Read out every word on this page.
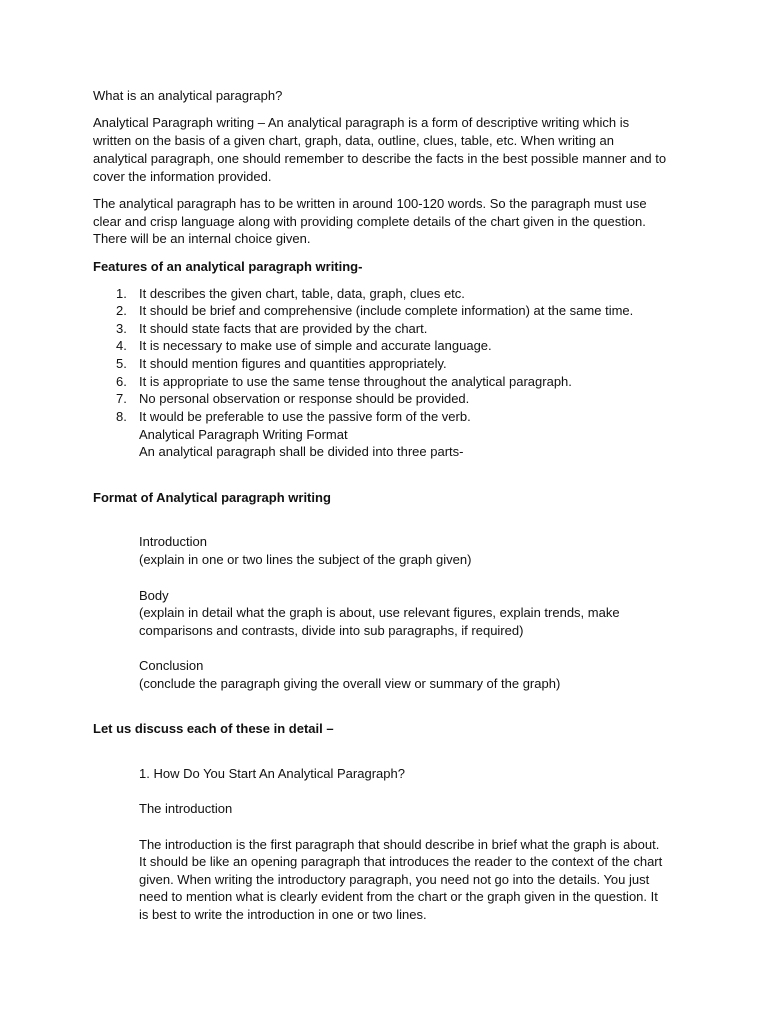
What is an analytical paragraph?
Analytical Paragraph writing – An analytical paragraph is a form of descriptive writing which is
written on the basis of a given chart, graph, data, outline, clues, table, etc. When writing an
analytical paragraph, one should remember to describe the facts in the best possible manner and to
cover the information provided.
The analytical paragraph has to be written in around 100-120 words. So the paragraph must use
clear and crisp language along with providing complete details of the chart given in the question.
There will be an internal choice given.
Features of an analytical paragraph writing-
1. It describes the given chart, table, data, graph, clues etc.
2. It should be brief and comprehensive (include complete information) at the same time.
3. It should state facts that are provided by the chart.
4. It is necessary to make use of simple and accurate language.
5. It should mention figures and quantities appropriately.
6. It is appropriate to use the same tense throughout the analytical paragraph.
7. No personal observation or response should be provided.
8. It would be preferable to use the passive form of the verb.
Analytical Paragraph Writing Format
An analytical paragraph shall be divided into three parts-
Format of Analytical paragraph writing
Introduction
(explain in one or two lines the subject of the graph given)
Body
(explain in detail what the graph is about, use relevant figures, explain trends, make
comparisons and contrasts, divide into sub paragraphs, if required)
Conclusion
(conclude the paragraph giving the overall view or summary of the graph)
Let us discuss each of these in detail –
1. How Do You Start An Analytical Paragraph?
The introduction
The introduction is the first paragraph that should describe in brief what the graph is about.
It should be like an opening paragraph that introduces the reader to the context of the chart
given. When writing the introductory paragraph, you need not go into the details. You just
need to mention what is clearly evident from the chart or the graph given in the question. It
is best to write the introduction in one or two lines.
